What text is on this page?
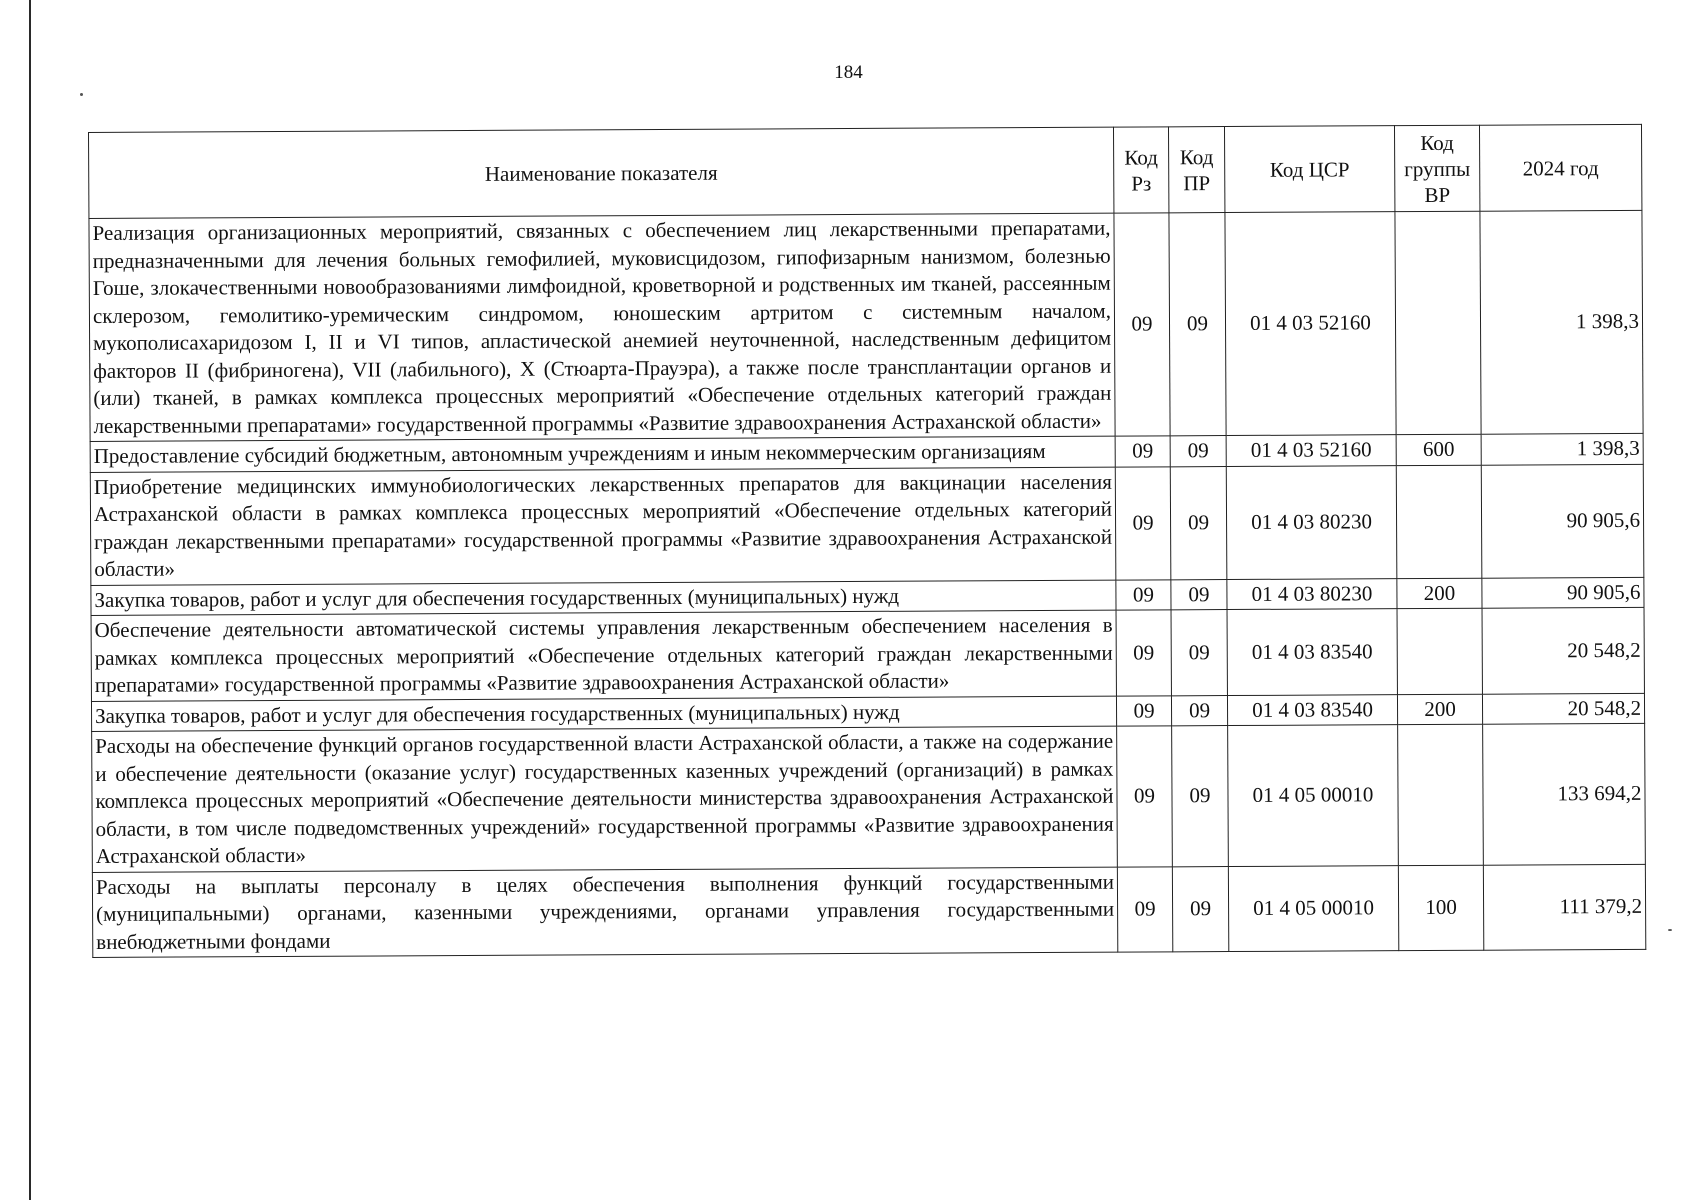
184
Наименование показателя	Код Рз	Код ПР	Код ЦСР	Код группы ВР	2024 год
Реализация организационных мероприятий, связанных с обеспечением лиц лекарственными препаратами, предназначенными для лечения больных гемофилией, муковисцидозом, гипофизарным нанизмом, болезнью Гоше, злокачественными новообразованиями лимфоидной, кроветворной и родственных им тканей, рассеянным склерозом, гемолитико-уремическим синдромом, юношеским артритом с системным началом, мукополисахаридозом I, II и VI типов, апластической анемией неуточненной, наследственным дефицитом факторов II (фибриногена), VII (лабильного), X (Стюарта-Прауэра), а также после трансплантации органов и (или) тканей, в рамках комплекса процессных мероприятий «Обеспечение отдельных категорий граждан лекарственными препаратами» государственной программы «Развитие здравоохранения Астраханской области»	09	09	01 4 03 52160		1 398,3
Предоставление субсидий бюджетным, автономным учреждениям и иным некоммерческим организациям	09	09	01 4 03 52160	600	1 398,3
Приобретение медицинских иммунобиологических лекарственных препаратов для вакцинации населения Астраханской области в рамках комплекса процессных мероприятий «Обеспечение отдельных категорий граждан лекарственными препаратами» государственной программы «Развитие здравоохранения Астраханской области»	09	09	01 4 03 80230		90 905,6
Закупка товаров, работ и услуг для обеспечения государственных (муниципальных) нужд	09	09	01 4 03 80230	200	90 905,6
Обеспечение деятельности автоматической системы управления лекарственным обеспечением населения в рамках комплекса процессных мероприятий «Обеспечение отдельных категорий граждан лекарственными препаратами» государственной программы «Развитие здравоохранения Астраханской области»	09	09	01 4 03 83540		20 548,2
Закупка товаров, работ и услуг для обеспечения государственных (муниципальных) нужд	09	09	01 4 03 83540	200	20 548,2
Расходы на обеспечение функций органов государственной власти Астраханской области, а также на содержание и обеспечение деятельности (оказание услуг) государственных казенных учреждений (организаций) в рамках комплекса процессных мероприятий «Обеспечение деятельности министерства здравоохранения Астраханской области, в том числе подведомственных учреждений» государственной программы «Развитие здравоохранения Астраханской области»	09	09	01 4 05 00010		133 694,2
Расходы на выплаты персоналу в целях обеспечения выполнения функций государственными (муниципальными) органами, казенными учреждениями, органами управления государственными внебюджетными фондами	09	09	01 4 05 00010	100	111 379,2
